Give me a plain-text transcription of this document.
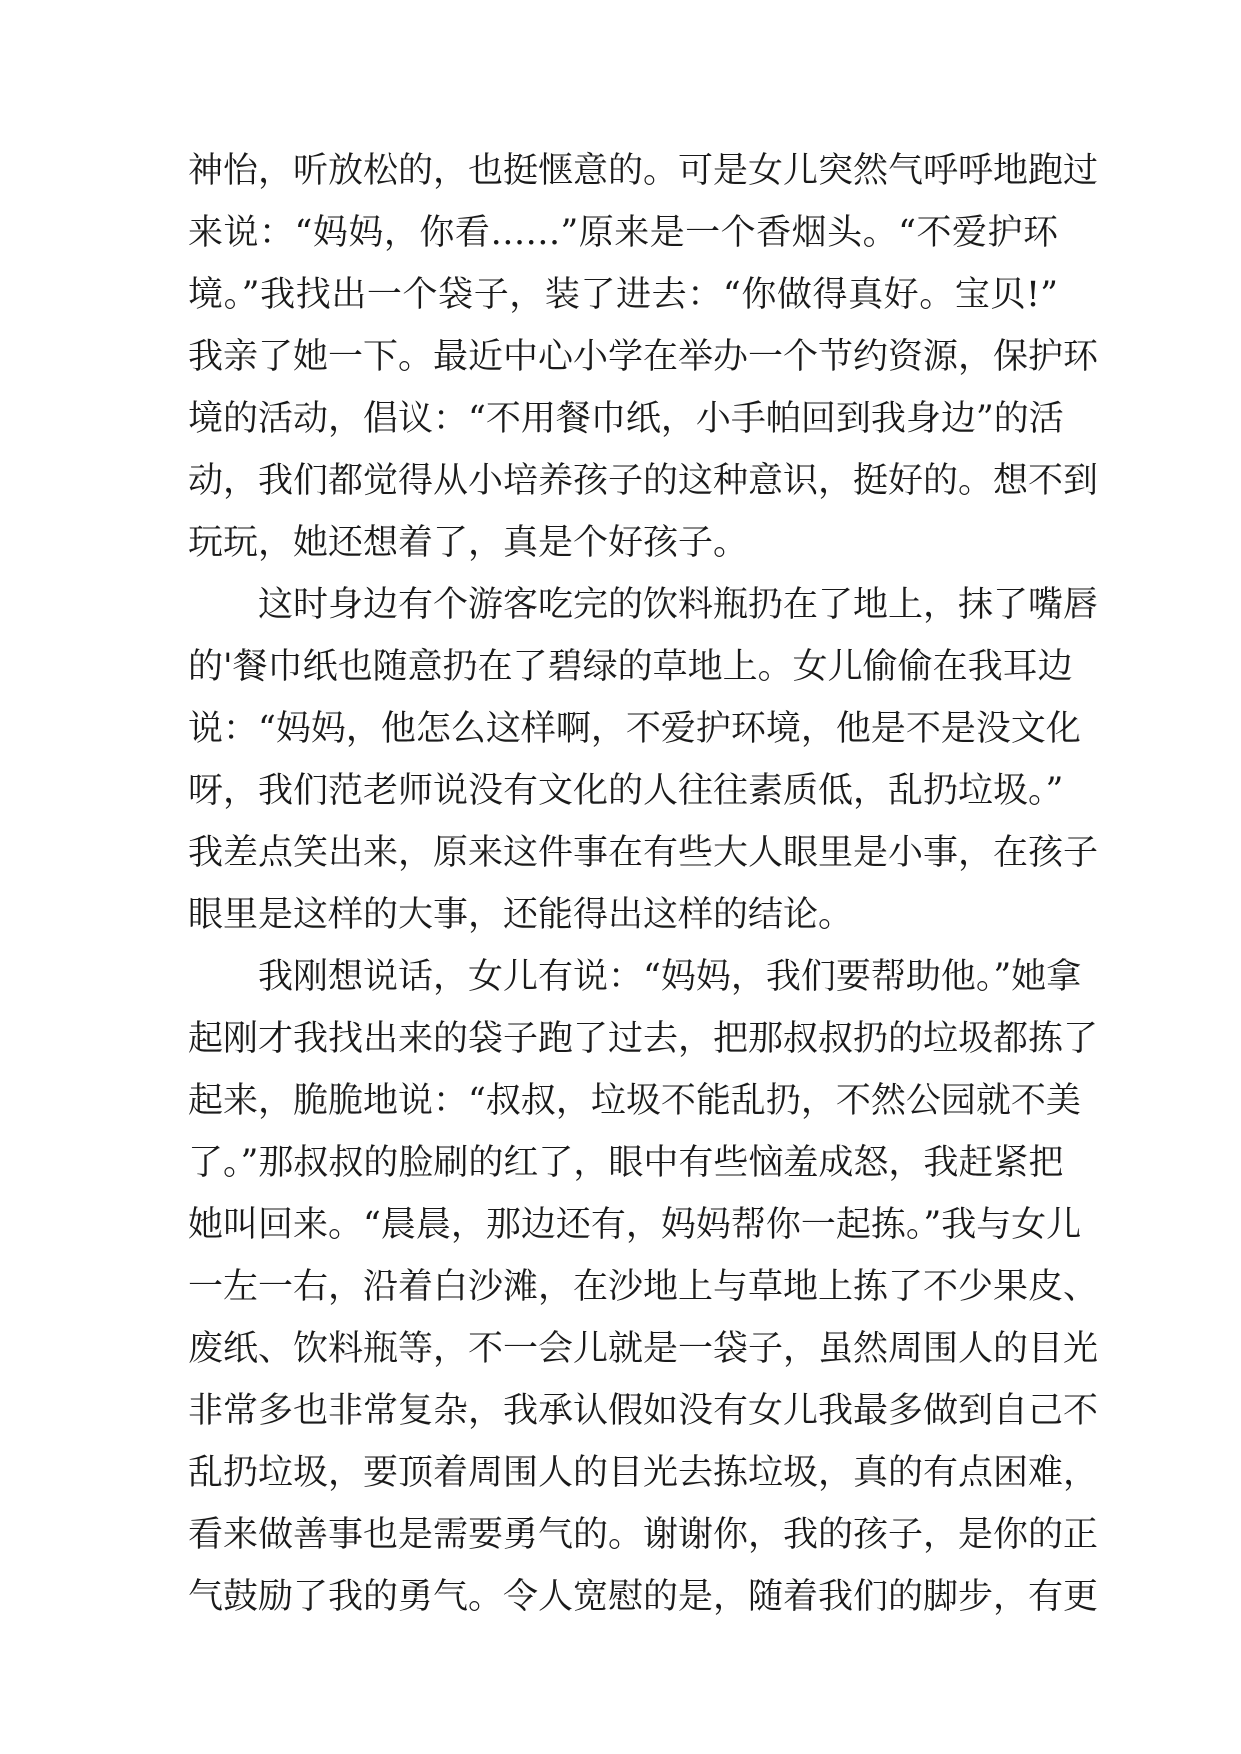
神怡，听放松的，也挺惬意的。可是女儿突然气呼呼地跑过
来说：“妈妈，你看……”原来是一个香烟头。“不爱护环
境。”我找出一个袋子，装了进去：“你做得真好。宝贝!”
我亲了她一下。最近中心小学在举办一个节约资源，保护环
境的活动，倡议：“不用餐巾纸，小手帕回到我身边”的活
动，我们都觉得从小培养孩子的这种意识，挺好的。想不到
玩玩，她还想着了，真是个好孩子。
这时身边有个游客吃完的饮料瓶扔在了地上，抹了嘴唇
的'餐巾纸也随意扔在了碧绿的草地上。女儿偷偷在我耳边
说：“妈妈，他怎么这样啊，不爱护环境，他是不是没文化
呀，我们范老师说没有文化的人往往素质低，乱扔垃圾。”
我差点笑出来，原来这件事在有些大人眼里是小事，在孩子
眼里是这样的大事，还能得出这样的结论。
我刚想说话，女儿有说：“妈妈，我们要帮助他。”她拿
起刚才我找出来的袋子跑了过去，把那叔叔扔的垃圾都拣了
起来，脆脆地说：“叔叔，垃圾不能乱扔，不然公园就不美
了。”那叔叔的脸刷的红了，眼中有些恼羞成怒，我赶紧把
她叫回来。“晨晨，那边还有，妈妈帮你一起拣。”我与女儿
一左一右，沿着白沙滩，在沙地上与草地上拣了不少果皮、
废纸、饮料瓶等，不一会儿就是一袋子，虽然周围人的目光
非常多也非常复杂，我承认假如没有女儿我最多做到自己不
乱扔垃圾，要顶着周围人的目光去拣垃圾，真的有点困难，
看来做善事也是需要勇气的。谢谢你，我的孩子，是你的正
气鼓励了我的勇气。令人宽慰的是，随着我们的脚步，有更
